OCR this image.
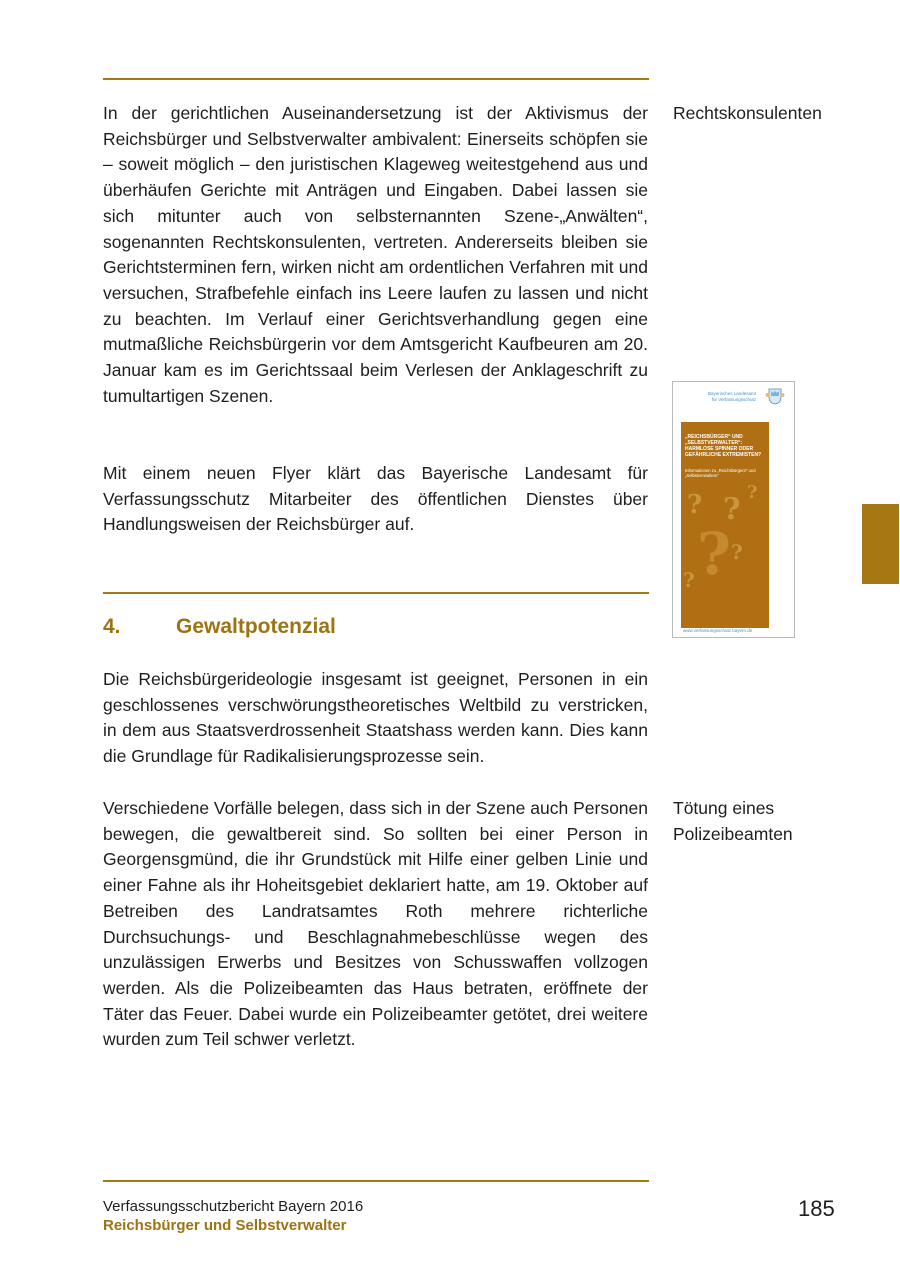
In der gerichtlichen Auseinandersetzung ist der Aktivismus der Reichsbürger und Selbstverwalter ambivalent: Einerseits schöpfen sie – soweit möglich – den juristischen Klageweg weitestgehend aus und überhäufen Gerichte mit Anträgen und Eingaben. Dabei lassen sie sich mitunter auch von selbsternannten Szene-„Anwälten“, sogenannten Rechtskonsulenten, vertreten. Andererseits bleiben sie Gerichtsterminen fern, wirken nicht am ordentlichen Verfahren mit und versuchen, Strafbefehle einfach ins Leere laufen zu lassen und nicht zu beachten. Im Verlauf einer Gerichtsverhandlung gegen eine mutmaßliche Reichsbürgerin vor dem Amtsgericht Kaufbeuren am 20. Januar kam es im Gerichtssaal beim Verlesen der Anklageschrift zu tumultartigen Szenen.

Rechtskonsulenten

Mit einem neuen Flyer klärt das Bayerische Landesamt für Verfassungsschutz Mitarbeiter des öffentlichen Dienstes über Handlungsweisen der Reichsbürger auf.

Bayerisches Landesamt für Verfassungsschutz
„REICHSBÜRGER“ UND „SELBSTVERWALTER“: HARMLOSE SPINNER ODER GEFÄHRLICHE EXTREMISTEN?
Informationen zu „Reichsbürgern“ und „Selbstverwaltern“
? ? ?
? ?
?
www.verfassungsschutz.bayern.de
4.	Gewaltpotenzial

Die Reichsbürgerideologie insgesamt ist geeignet, Personen in ein geschlossenes verschwörungstheoretisches Weltbild zu verstricken, in dem aus Staatsverdrossenheit Staatshass werden kann. Dies kann die Grundlage für Radikalisierungsprozesse sein.

Verschiedene Vorfälle belegen, dass sich in der Szene auch Personen bewegen, die gewaltbereit sind. So sollten bei einer Person in Georgensgmünd, die ihr Grundstück mit Hilfe einer gelben Linie und einer Fahne als ihr Hoheitsgebiet deklariert hatte, am 19. Oktober auf Betreiben des Landratsamtes Roth mehrere richterliche Durchsuchungs- und Beschlagnahmebeschlüsse wegen des unzulässigen Erwerbs und Besitzes von Schusswaffen vollzogen werden. Als die Polizeibeamten das Haus betraten, eröffnete der Täter das Feuer. Dabei wurde ein Polizeibeamter getötet, drei weitere wurden zum Teil schwer verletzt.

Tötung eines Polizeibeamten

Verfassungsschutzbericht Bayern 2016

Reichsbürger und Selbstverwalter

185
